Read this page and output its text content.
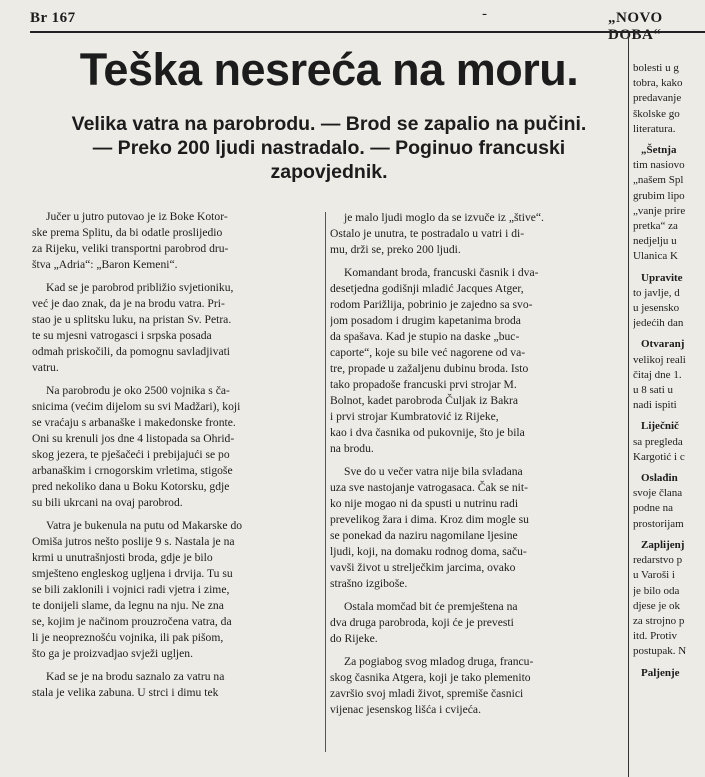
Br 167	-	„NOVO DOBA“
Teška nesreća na moru.
Velika vatra na parobrodu. — Brod se zapalio na pučini.
— Preko 200 ljudi nastradalo. — Poginuo francuski
zapovjednik.

Jučer u jutro putovao je iz Boke Kotor-
ske prema Splitu, da bi odatle proslijedio
za Rijeku, veliki transportni parobrod dru-
štva „Adria“: „Baron Kemeni“.

Kad se je parobrod približio svjetioniku,
već je dao znak, da je na brodu vatra. Pri-
stao je u splitsku luku, na pristan Sv. Petra.
te su mjesni vatrogasci i srpska posada
odmah priskočili, da pomognu savladjivati
vatru.

Na parobrodu je oko 2500 vojnika s ča-
snicima (većim dijelom su svi Madžari), koji
se vraćaju s arbanaške i makedonske fronte.
Oni su krenuli jos dne 4 listopada sa Ohrid-
skog jezera, te pješačeći i prebijajući se po
arbanaškim i crnogorskim vrletima, stigoše
pred nekoliko dana u Boku Kotorsku, gdje
su bili ukrcani na ovaj parobrod.

Vatra je bukenula na putu od Makarske do
Omiša jutros nešto poslije 9 s. Nastala je na
krmi u unutrašnjosti broda, gdje je bilo
smješteno engleskog ugljena i drvija. Tu su
se bili zaklonili i vojnici radi vjetra i zime,
te donijeli slame, da legnu na nju. Ne zna
se, kojim je načinom prouzročena vatra, da
li je neopreznošću vojnika, ili pak pišom,
što ga je proizvadjao svježi ugljen.

Kad se je na brodu saznalo za vatru na
stala je velika zabuna. U strci i dimu tek

je malo ljudi moglo da se izvuče iz „štive“.
Ostalo je unutra, te postradalo u vatri i di-
mu, drži se, preko 200 ljudi.

Komandant broda, francuski časnik i dva-
desetjedna godišnji mladić Jacques Atger,
rodom Parižlija, pobrinio je zajedno sa svo-
jom posadom i drugim kapetanima broda
da spašava. Kad je stupio na daske „buc-
caporte“, koje su bile već nagorene od va-
tre, propade u zažaljenu dubinu broda. Isto
tako propadoše francuski prvi strojar M.
Bolnot, kadet parobroda Čuljak iz Bakra
i prvi strojar Kumbratović iz Rijeke,
kao i dva časnika od pukovnije, što je bila
na brodu.

Sve do u večer vatra nije bila svladana
uza sve nastojanje vatrogasaca. Čak se nit-
ko nije mogao ni da spusti u nutrinu radi
prevelikog žara i dima. Kroz dim mogle su
se ponekad da naziru nagomilane ljesine
ljudi, koji, na domaku rodnog doma, saču-
vavši život u strelječkim jarcima, ovako
strašno izgiboše.

Ostala momčad bit će premještena na
dva druga parobroda, koji će je prevesti
do Rijeke.

Za pogiabog svog mladog druga, francu-
skog časnika Atgera, koji je tako plemenito
završio svoj mladi život, spremiše časnici
vijenac jesenskog lišća i cvijeća.

bolesti u g
tobra, kako
predavanje
školske go
literatura.
„Šetnja
tim nasiovo
„našem Spl
grubim lipo
„vanje prire
pretka“ za
nedjelju u
Ulanica K
Upravite
to javlje, d
u jesensko
jedećih dan
Otvaranj
velikoj reali
čitaj dne 1.
u 8 sati u
nadi ispiti
Liječnič
sa pregleda
Kargotić i c
Oslađin
svoje člana
podne na
prostorijam
Zaplijenj
redarstvo p
u Varoši i
je bilo oda
djese je ok
za strojno p
itd. Protiv
postupak. N
Paljenje
